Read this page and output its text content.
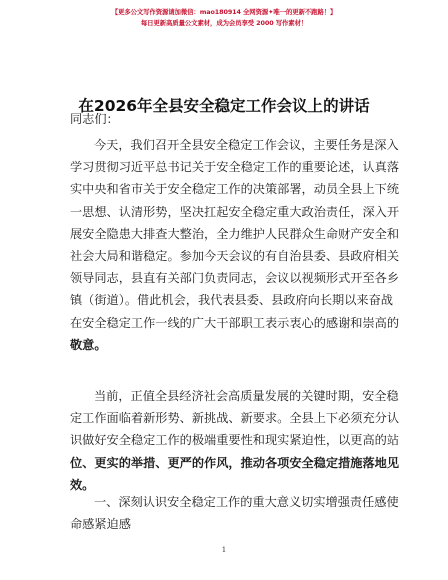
【更多公文写作资源请加微信：mao180914 全网资源✦唯一的更新不跑路！】
每日更新高质量公文素材，成为会员享受 2000 写作素材！
在2026年全县安全稳定工作会议上的讲话
同志们：
今天，我们召开全县安全稳定工作会议，主要任务是深入
学习贯彻习近平总书记关于安全稳定工作的重要论述，认真落
实中央和省市关于安全稳定工作的决策部署，动员全县上下统
一思想、认清形势，坚决扛起安全稳定重大政治责任，深入开
展安全隐患大排查大整治，全力维护人民群众生命财产安全和
社会大局和谐稳定。参加今天会议的有自治县委、县政府相关
领导同志，县直有关部门负责同志，会议以视频形式开至各乡
镇（街道）。借此机会，我代表县委、县政府向长期以来奋战
在安全稳定工作一线的广大干部职工表示衷心的感谢和崇高的
敬意。
当前，正值全县经济社会高质量发展的关键时期，安全稳
定工作面临着新形势、新挑战、新要求。全县上下必须充分认
识做好安全稳定工作的极端重要性和现实紧迫性，以更高的站
位、更实的举措、更严的作风，推动各项安全稳定措施落地见
效。
一、深刻认识安全稳定工作的重大意义切实增强责任感使
命感紧迫感
1
